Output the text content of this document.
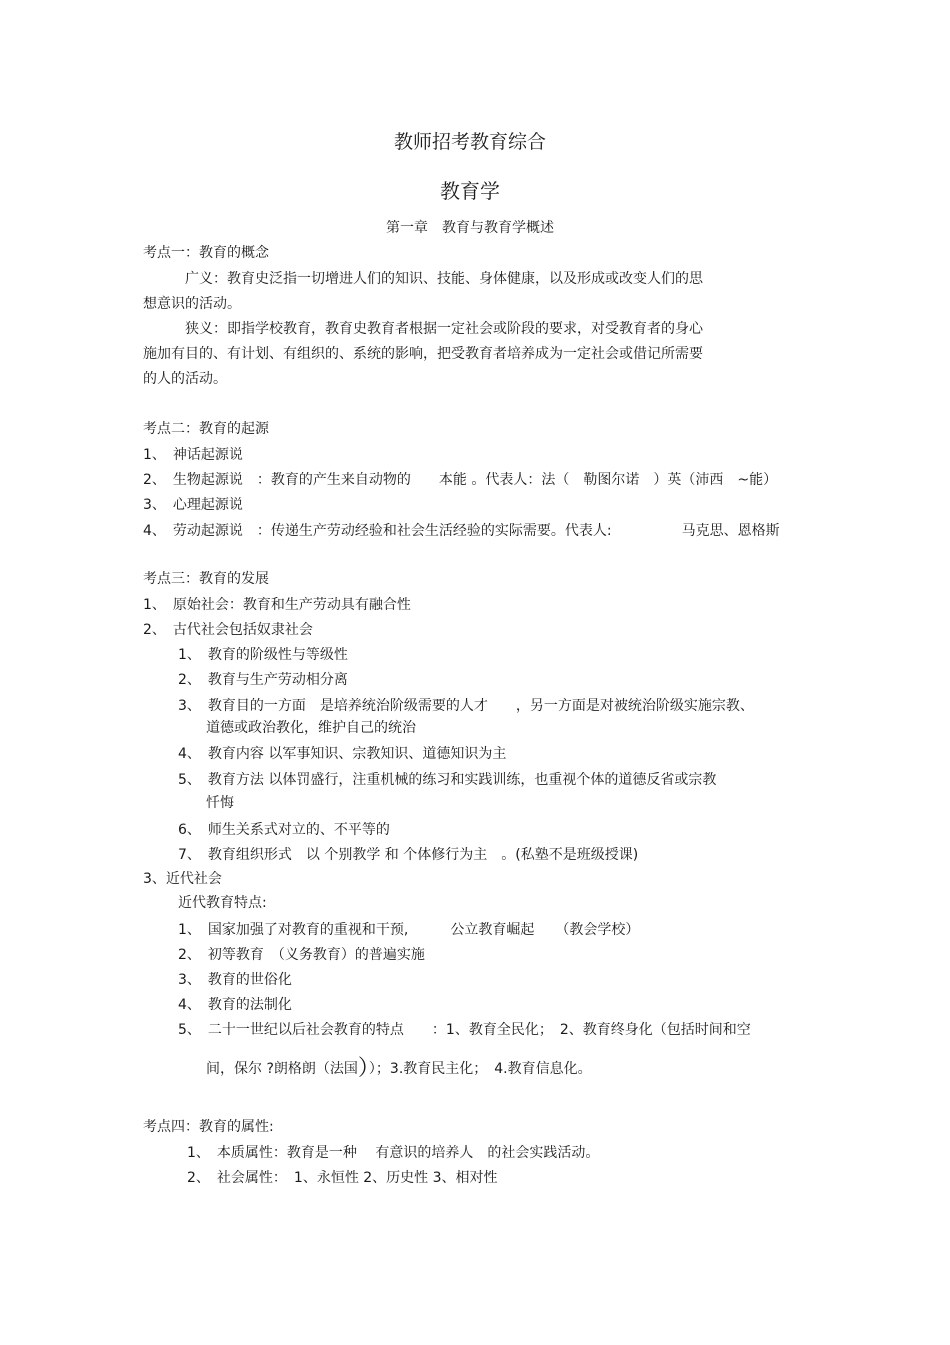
教师招考教育综合
教育学
第一章　教育与教育学概述
考点一：教育的概念
广义：教育史泛指一切增进人们的知识、技能、身体健康，以及形成或改变人们的思
想意识的活动。
狭义：即指学校教育，教育史教育者根据一定社会或阶段的要求，对受教育者的身心
施加有目的、有计划、有组织的、系统的影响，把受教育者培养成为一定社会或借记所需要
的人的活动。
考点二：教育的起源
1、　神话起源说
2、　生物起源说　：教育的产生来自动物的　　本能 。代表人：法（　勒图尔诺　）英（沛西　~能）
3、　心理起源说
4、　劳动起源说　：传递生产劳动经验和社会生活经验的实际需要。代表人:　　　　　马克思、恩格斯
考点三：教育的发展
1、　原始社会：教育和生产劳动具有融合性
2、　古代社会包括奴隶社会
1、　教育的阶级性与等级性
2、　教育与生产劳动相分离
3、　教育目的一方面　是培养统治阶级需要的人才　　，另一方面是对被统治阶级实施宗教、
道德或政治教化，维护自己的统治
4、　教育内容 以军事知识、宗教知识、道德知识为主
5、　教育方法 以体罚盛行，注重机械的练习和实践训练，也重视个体的道德反省或宗教
忏悔
6、　师生关系式对立的、不平等的
7、　教育组织形式　以 个别教学 和 个体修行为主　。(私塾不是班级授课)
3、近代社会
近代教育特点:
1、　国家加强了对教育的重视和干预,　　　公立教育崛起　　（教会学校）
2、　初等教育　（义务教育）的普遍实施
3、　教育的世俗化
4、　教育的法制化
5、　二十一世纪以后社会教育的特点　　：1、教育全民化；　2、教育终身化（包括时间和空
间，保尔 ?朗格朗（法国））；3.教育民主化；　4.教育信息化。
考点四：教育的属性:
1、　本质属性：教育是一种　 有意识的培养人　的社会实践活动。
2、　社会属性：　1、永恒性 2、历史性 3、相对性
